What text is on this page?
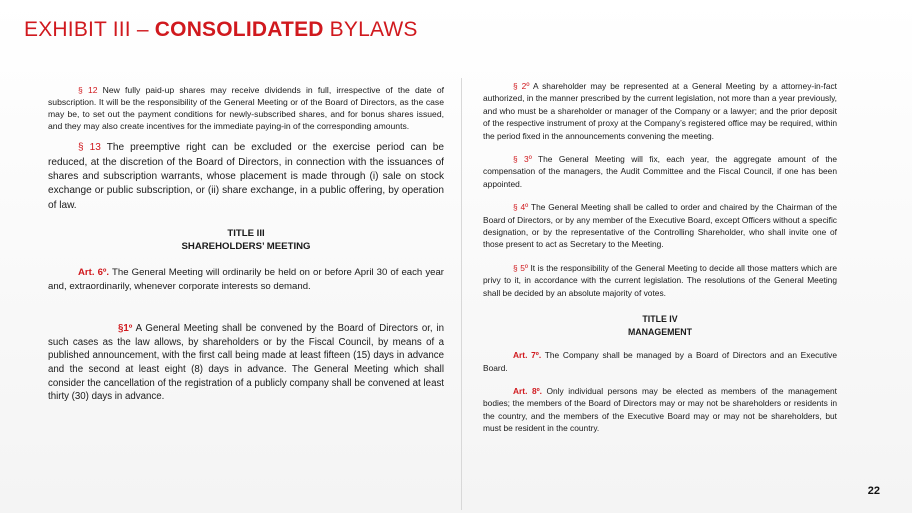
EXHIBIT III – CONSOLIDATED BYLAWS

§ 12 New fully paid-up shares may receive dividends in full, irrespective of the date of subscription. It will be the responsibility of the General Meeting or of the Board of Directors, as the case may be, to set out the payment conditions for newly-subscribed shares, and for bonus shares issued, and they may also create incentives for the immediate paying-in of the corresponding amounts.

§ 13 The preemptive right can be excluded or the exercise period can be reduced, at the discretion of the Board of Directors, in connection with the issuances of shares and subscription warrants, whose placement is made through (i) sale on stock exchange or public subscription, or (ii) share exchange, in a public offering, by operation of law.

TITLE III
SHAREHOLDERS’ MEETING

Art. 6º. The General Meeting will ordinarily be held on or before April 30 of each year and, extraordinarily, whenever corporate interests so demand.

§1º A General Meeting shall be convened by the Board of Directors or, in such cases as the law allows, by shareholders or by the Fiscal Council, by means of a published announcement, with the first call being made at least fifteen (15) days in advance and the second at least eight (8) days in advance. The General Meeting which shall consider the cancellation of the registration of a publicly company shall be convened at least thirty (30) days in advance.

§ 2º A shareholder may be represented at a General Meeting by a attorney-in-fact authorized, in the manner prescribed by the current legislation, not more than a year previously, and who must be a shareholder or manager of the Company or a lawyer; and the prior deposit of the respective instrument of proxy at the Company’s registered office may be required, within the period fixed in the announcements convening the meeting.

§ 3º The General Meeting will fix, each year, the aggregate amount of the compensation of the managers, the Audit Committee and the Fiscal Council, if one has been appointed.

§ 4º The General Meeting shall be called to order and chaired by the Chairman of the Board of Directors, or by any member of the Executive Board, except Officers without a specific designation, or by the representative of the Controlling Shareholder, who shall invite one of those present to act as Secretary to the Meeting.

§ 5º It is the responsibility of the General Meeting to decide all those matters which are privy to it, in accordance with the current legislation. The resolutions of the General Meeting shall be decided by an absolute majority of votes.

TITLE IV
MANAGEMENT

Art. 7º. The Company shall be managed by a Board of Directors and an Executive Board.

Art. 8º. Only individual persons may be elected as members of the management bodies; the members of the Board of Directors may or may not be shareholders or residents in the country, and the members of the Executive Board may or may not be shareholders, but must be resident in the country.

22
